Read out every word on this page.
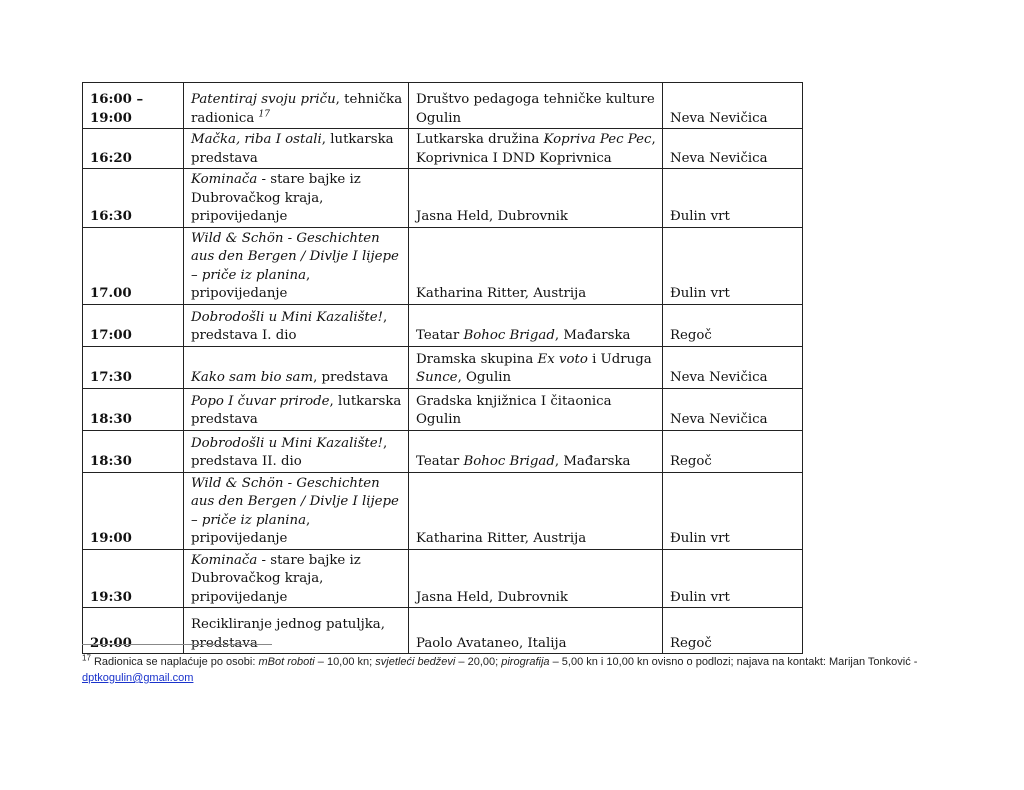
16:00 – 19:00	Patentiraj svoju priču, tehnička radionica $^{17}$	Društvo pedagoga tehničke kulture Ogulin	Neva Nevičica
16:20	Mačka, riba I ostali, lutkarska predstava	Lutkarska družina Kopriva Pec Pec, Koprivnica I DND Koprivnica	Neva Nevičica
16:30	Kominača - stare bajke iz Dubrovačkog kraja, pripovijedanje	Jasna Held, Dubrovnik	Đulin vrt
17.00	Wild & Schön - Geschichten aus den Bergen / Divlje I lijepe – priče iz planina, pripovijedanje	Katharina Ritter, Austrija	Đulin vrt
17:00	Dobrodošli u Mini Kazalište!, predstava I. dio	Teatar Bohoc Brigad, Mađarska	Regoč
17:30	Kako sam bio sam, predstava	Dramska skupina Ex voto i Udruga Sunce, Ogulin	Neva Nevičica
18:30	Popo I čuvar prirode, lutkarska predstava	Gradska knjižnica I čitaonica Ogulin	Neva Nevičica
18:30	Dobrodošli u Mini Kazalište!, predstava II. dio	Teatar Bohoc Brigad, Mađarska	Regoč
19:00	Wild & Schön - Geschichten aus den Bergen / Divlje I lijepe – priče iz planina, pripovijedanje	Katharina Ritter, Austrija	Đulin vrt
19:30	Kominača - stare bajke iz Dubrovačkog kraja, pripovijedanje	Jasna Held, Dubrovnik	Đulin vrt
20:00	Recikliranje jednog patuljka, predstava	Paolo Avataneo, Italija	Regoč
$^{17}$ Radionica se naplaćuje po osobi: mBot roboti – 10,00 kn; svjetleći bedževi – 20,00; pirografija – 5,00 kn i 10,00 kn ovisno o podlozi; najava na kontakt: Marijan Tonković - dptkogulin@gmail.com
